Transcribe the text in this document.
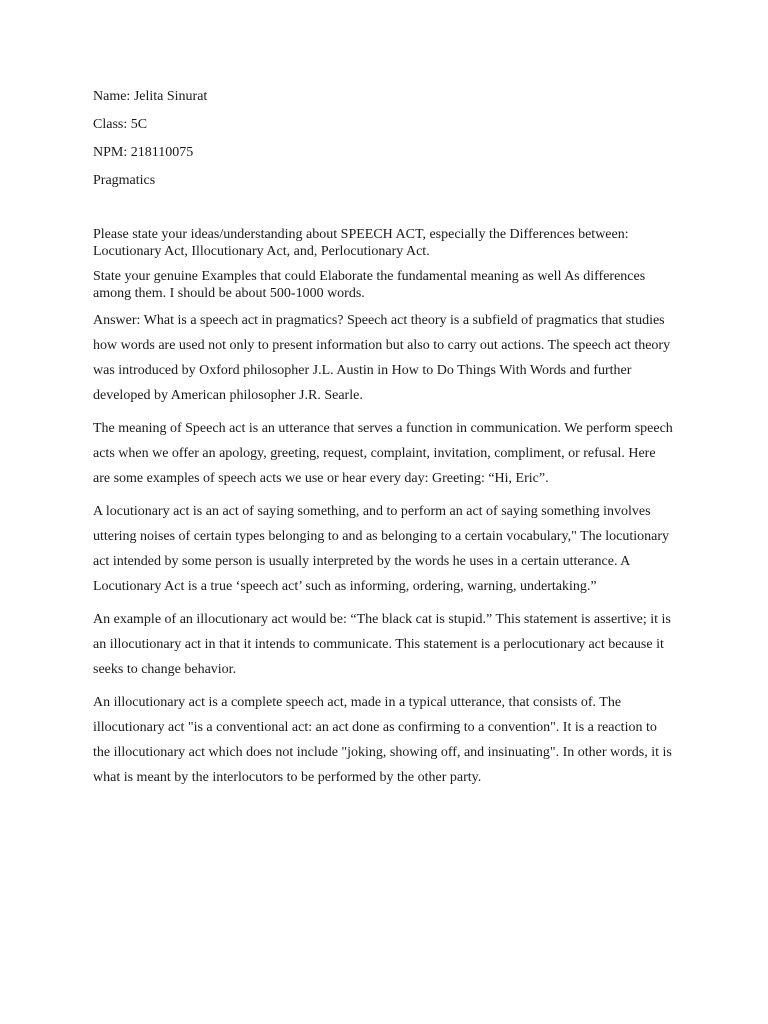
Name: Jelita Sinurat

Class: 5C

NPM: 218110075

Pragmatics

Please state your ideas/understanding about SPEECH ACT, especially the Differences between: Locutionary Act, Illocutionary Act, and, Perlocutionary Act.

State your genuine Examples that could Elaborate the fundamental meaning as well As differences among them. I should be about 500-1000 words.

Answer: What is a speech act in pragmatics? Speech act theory is a subfield of pragmatics that studies how words are used not only to present information but also to carry out actions. The speech act theory was introduced by Oxford philosopher J.L. Austin in How to Do Things With Words and further developed by American philosopher J.R. Searle.

The meaning of Speech act is an utterance that serves a function in communication. We perform speech acts when we offer an apology, greeting, request, complaint, invitation, compliment, or refusal. Here are some examples of speech acts we use or hear every day: Greeting: “Hi, Eric”.

A locutionary act is an act of saying something, and to perform an act of saying something involves uttering noises of certain types belonging to and as belonging to a certain vocabulary," The locutionary act intended by some person is usually interpreted by the words he uses in a certain utterance. A Locutionary Act is a true ‘speech act’ such as informing, ordering, warning, undertaking.”

An example of an illocutionary act would be: “The black cat is stupid.” This statement is assertive; it is an illocutionary act in that it intends to communicate. This statement is a perlocutionary act because it seeks to change behavior.

An illocutionary act is a complete speech act, made in a typical utterance, that consists of. The illocutionary act "is a conventional act: an act done as confirming to a convention". It is a reaction to the illocutionary act which does not include "joking, showing off, and insinuating". In other words, it is what is meant by the interlocutors to be performed by the other party.
